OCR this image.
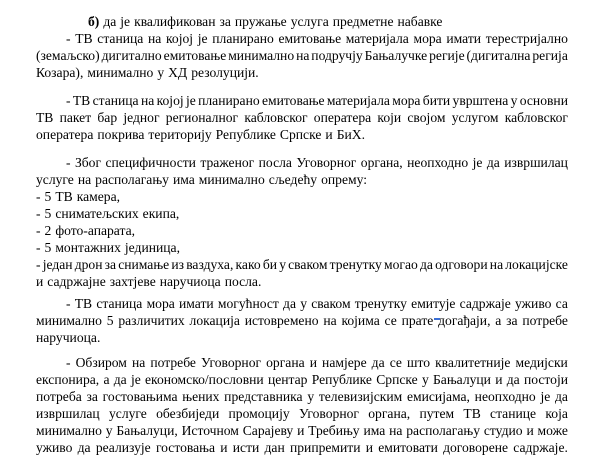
б) да је квалификован за пружање услуга предметне набавке
- ТВ станица на којој је планирано емитовање материјала мора имати терестријално
(земаљско) дигитално емитовање минимално на подручју Бањалучке регије (дигитална регија
Козара), минимално у ХД резолуцији.
- ТВ станица на којој је планирано емитовање материјала мора бити уврштена у основни
ТВ пакет бар једног регионалног кабловског оператера који својом услугом кабловског
оператера покрива територију Републике Српске и БиХ.
- Због специфичности траженог посла Уговорног органа, неопходно је да извршилац
услуге на располагању има минимално сљедећу опрему:
- 5 ТВ камера,
- 5 сниматељских екипа,
- 2 фото-апарата,
- 5 монтажних јединица,
- један дрон за снимање из ваздуха, како би у сваком тренутку могао да одговори на локацијске
и садржајне захтјеве наручиоца посла.
- ТВ станица мора имати могућност да у сваком тренутку емитује садржаје уживо са
минимално 5 различитих локација истовремено на којима се прате догађаји, а за потребе
наручиоца.
- Обзиром на потребе Уговорног органа и намјере да се што квалитетније медијски
експонира, а да је економско/пословни центар Републике Српске у Бањалуци и да постоји
потреба за гостовањима њених представника у телевизијским емисијама, неопходно је да
извршилац услуге обезбиједи промоцију Уговорног органа, путем ТВ станице која
минимално у Бањалуци, Источном Сарајеву и Требињу има на располагању студио и може
уживо да реализује гостовања и исти дан припремити и емитовати договорене садржаје.
